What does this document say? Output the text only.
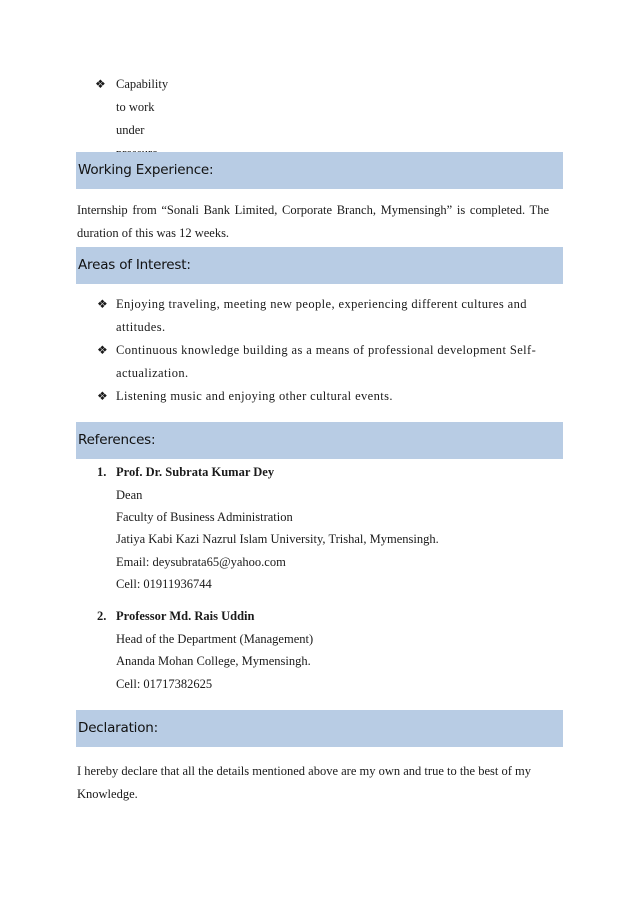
❖ Capability to work under
Working Experience:
Internship from “Sonali Bank Limited, Corporate Branch, Mymensingh” is completed. The
duration of this was 12 weeks.
Areas of Interest:
❖ Enjoying traveling, meeting new people, experiencing different cultures and
attitudes.
❖ Continuous knowledge building as a means of professional development Self-
actualization.
❖ Listening music and enjoying other cultural events.
References:
1. Prof. Dr. Subrata Kumar Dey
Dean
Faculty of Business Administration
Jatiya Kabi Kazi Nazrul Islam University, Trishal, Mymensingh.
Email: deysubrata65@yahoo.com
Cell: 01911936744
2. Professor Md. Rais Uddin
Head of the Department (Management)
Ananda Mohan College, Mymensingh.
Cell: 01717382625
Declaration:
I hereby declare that all the details mentioned above are my own and true to the best of my
Knowledge.
